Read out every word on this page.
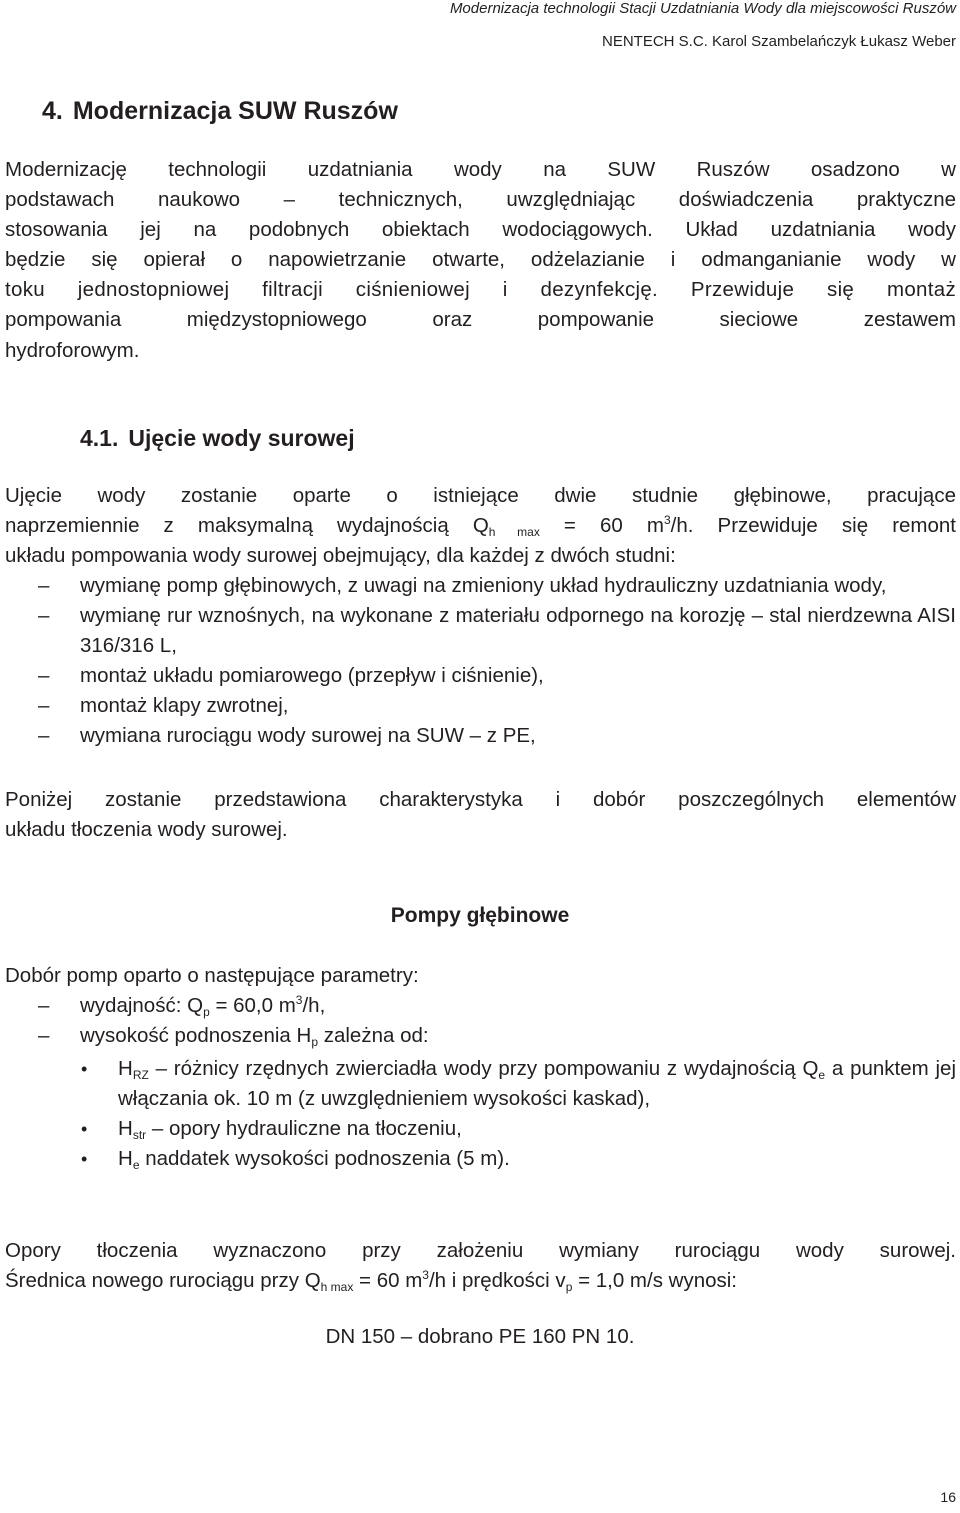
Modernizacja technologii Stacji Uzdatniania Wody dla miejscowości Ruszów
NENTECH S.C. Karol Szambelańczyk Łukasz Weber
4. Modernizacja SUW Ruszów
Modernizację technologii uzdatniania wody na SUW Ruszów osadzono w
podstawach naukowo – technicznych, uwzględniając doświadczenia praktyczne
stosowania jej na podobnych obiektach wodociągowych. Układ uzdatniania wody
będzie się opierał o napowietrzanie otwarte, odżelazianie i odmanganianie wody w
toku jednostopniowej filtracji ciśnieniowej i dezynfekcję. Przewiduje się montaż
pompowania międzystopniowego oraz pompowanie sieciowe zestawem
hydroforowym.
4.1. Ujęcie wody surowej
Ujęcie wody zostanie oparte o istniejące dwie studnie głębinowe, pracujące
naprzemiennie z maksymalną wydajnością $Q_{h max} = 60$ $m^3/h$. Przewiduje się remont
układu pompowania wody surowej obejmujący, dla każdej z dwóch studni:
– wymianę pomp głębinowych, z uwagi na zmieniony układ hydrauliczny uzdatniania wody,
– wymianę rur wznośnych, na wykonane z materiału odpornego na korozję – stal nierdzewna AISI 316/316 L,
– montaż układu pomiarowego (przepływ i ciśnienie),
– montaż klapy zwrotnej,
– wymiana rurociągu wody surowej na SUW – z PE,
Poniżej zostanie przedstawiona charakterystyka i dobór poszczególnych elementów
układu tłoczenia wody surowej.
Pompy głębinowe
Dobór pomp oparto o następujące parametry:
– wydajność: $Q_p = 60,0$ $m^3/h$,
– wysokość podnoszenia $H_p$ zależna od:
• $H_{RZ}$ – różnicy rzędnych zwierciadła wody przy pompowaniu z wydajnością $Q_e$ a punktem jej włączania ok. 10 m (z uwzględnieniem wysokości kaskad),
• $H_{str}$ – opory hydrauliczne na tłoczeniu,
• $H_e$ naddatek wysokości podnoszenia (5 m).
Opory tłoczenia wyznaczono przy założeniu wymiany rurociągu wody surowej.
Średnica nowego rurociągu przy $Q_{h max} = 60$ $m^3/h$ i prędkości $v_p = 1,0$ m/s wynosi:
DN 150 – dobrano PE 160 PN 10.
16
